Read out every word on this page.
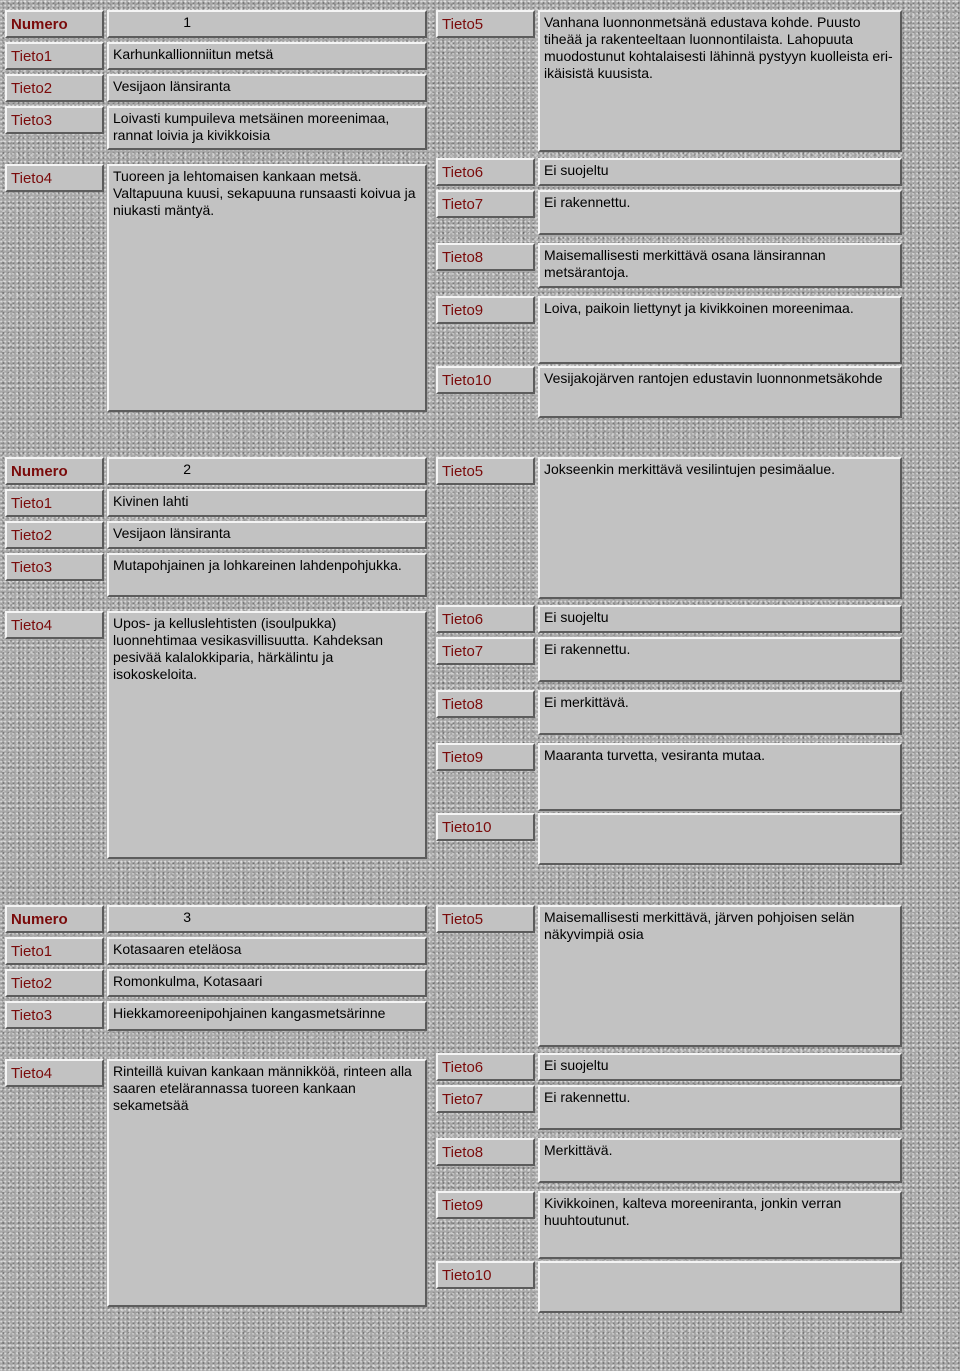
Numero	1
Tieto1	Karhunkallionniitun metsä
Tieto2	Vesijaon länsiranta
Tieto3	Loivasti kumpuileva metsäinen moreenimaa, rannat loivia ja kivikkoisia
Tieto4	Tuoreen ja lehtomaisen kankaan metsä. Valtapuuna kuusi, sekapuuna runsaasti koivua ja niukasti mäntyä.
Tieto5	Vanhana luonnonmetsänä edustava kohde. Puusto tiheää ja rakenteeltaan luonnontilaista. Lahopuuta muodostunut kohtalaisesti lähinnä pystyyn kuolleista eri-ikäisistä kuusista.
Tieto6	Ei suojeltu
Tieto7	Ei rakennettu.
Tieto8	Maisemallisesti merkittävä osana länsirannan metsärantoja.
Tieto9	Loiva, paikoin liettynyt ja kivikkoinen moreenimaa.
Tieto10	Vesijakojärven rantojen edustavin luonnonmetsäkohde
Numero	2
Tieto1	Kivinen lahti
Tieto2	Vesijaon länsiranta
Tieto3	Mutapohjainen ja lohkareinen lahdenpohjukka.
Tieto4	Upos- ja kelluslehtisten (isoulpukka) luonnehtimaa vesikasvillisuutta. Kahdeksan pesivää kalalokkiparia, härkälintu ja isokoskeloita.
Tieto5	Jokseenkin merkittävä vesilintujen pesimäalue.
Tieto6	Ei suojeltu
Tieto7	Ei rakennettu.
Tieto8	Ei merkittävä.
Tieto9	Maaranta turvetta, vesiranta mutaa.
Tieto10
Numero	3
Tieto1	Kotasaaren eteläosa
Tieto2	Romonkulma, Kotasaari
Tieto3	Hiekkamoreenipohjainen kangasmetsärinne
Tieto4	Rinteillä kuivan kankaan männikköä, rinteen alla saaren etelärannassa tuoreen kankaan sekametsää
Tieto5	Maisemallisesti merkittävä, järven pohjoisen selän näkyvimpiä osia
Tieto6	Ei suojeltu
Tieto7	Ei rakennettu.
Tieto8	Merkittävä.
Tieto9	Kivikkoinen, kalteva moreeniranta, jonkin verran huuhtoutunut.
Tieto10
